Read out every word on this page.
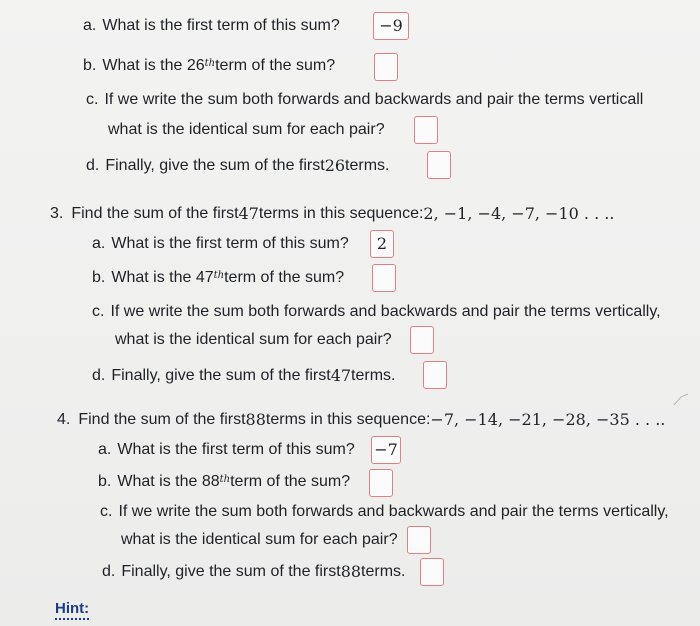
a. What is the first term of this sum?	−9
b. What is the 26th term of the sum?
c. If we write the sum both forwards and backwards and pair the terms verticall
what is the identical sum for each pair?
d. Finally, give the sum of the first 26 terms.
3. Find the sum of the first 47 terms in this sequence: 2, −1, −4, −7, −10 . . ..
a. What is the first term of this sum?	2
b. What is the 47th term of the sum?
c. If we write the sum both forwards and backwards and pair the terms vertically,
what is the identical sum for each pair?
d. Finally, give the sum of the first 47 terms.
4. Find the sum of the first 88 terms in this sequence: −7, −14, −21, −28, −35 . . ..
a. What is the first term of this sum? −7
b. What is the 88th term of the sum?
c. If we write the sum both forwards and backwards and pair the terms vertically,
what is the identical sum for each pair?
d. Finally, give the sum of the first 88 terms.
Hint:
